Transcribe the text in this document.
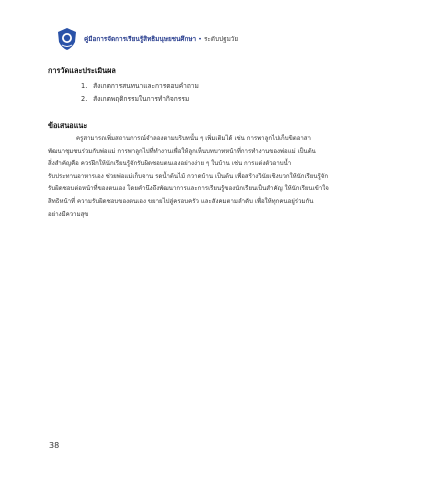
คู่มือการจัดการเรียนรู้สิทธิมนุษยชนศึกษา • ระดับปฐมวัย
การวัดและประเมินผล
1. สังเกตการสนทนาและการตอบคำถาม
2. สังเกตพฤติกรรมในการทำกิจกรรม
ข้อเสนอแนะ

ครูสามารถเพิ่มสถานการณ์จำลองตามบริบทนั้น ๆ เพิ่มเติมได้ เช่น การพาลูกไปเก็บขิตอาสา
พัฒนาชุมชนร่วมกับพ่อแม่ การพาลูกไปที่ทำงานเพื่อให้ลูกเห็นบทบาทหน้าที่การทำงานของพ่อแม่ เป็นต้น
สิ่งสำคัญคือ ควรฝึกให้นักเรียนรู้จักรับผิดชอบตนเองอย่างง่าย ๆ ในบ้าน เช่น การแต่งตัวอาบน้ำ
รับประทานอาหารเอง ช่วยพ่อแม่เก็บจาน รดน้ำต้นไม้ กวาดบ้าน เป็นต้น เพื่อสร้างวินัยเชิงบวกให้นักเรียนรู้จัก
รับผิดชอบต่อหน้าที่ของตนเอง โดยคำนึงถึงพัฒนาการและการเรียนรู้ของนักเรียนเป็นสำคัญ ให้นักเรียนเข้าใจ
สิทธิหน้าที่ ความรับผิดชอบของตนเอง ขยายไปสู่ครอบครัว และสังคมตามลำดับ เพื่อให้ทุกคนอยู่ร่วมกัน
อย่างมีความสุข

38
